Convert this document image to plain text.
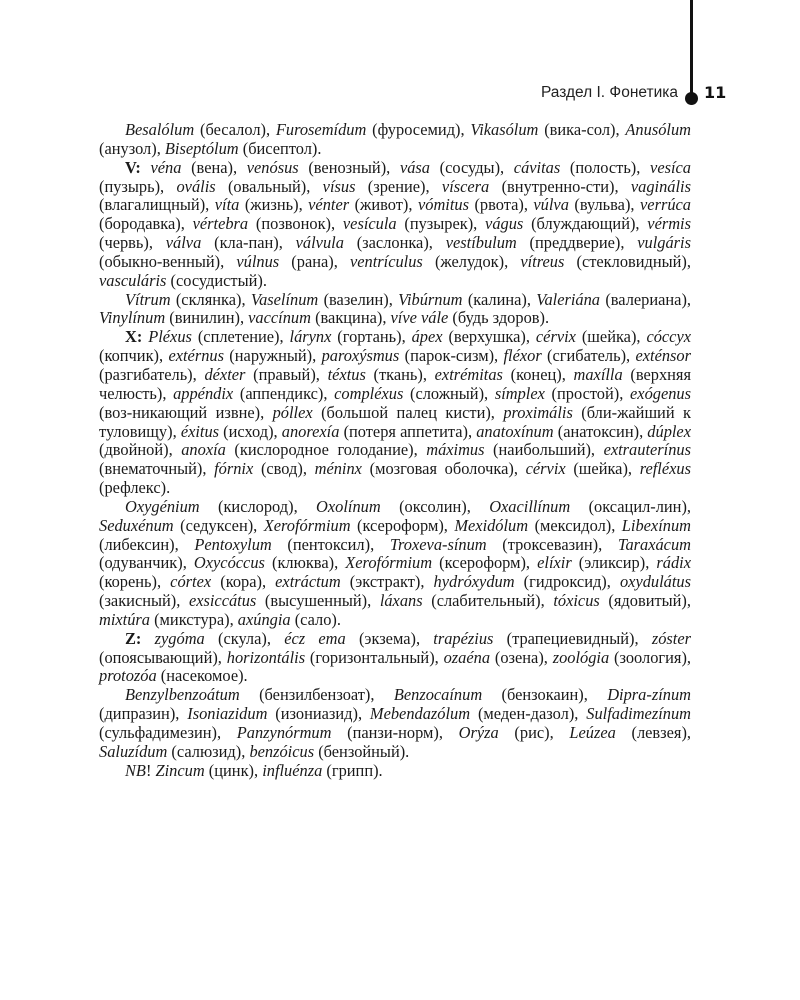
Раздел I. Фонетика 11

Besalólum (бесалол), Furosemídum (фуросемид), Vikasólum (вика-сол), Anusólum (анузол), Biseptólum (бисептол).

V: véna (вена), venósus (венозный), vása (сосуды), cávitas (полость), vesíca (пузырь), ovális (овальный), vísus (зрение), víscera (внутренно-сти), vaginális (влагалищный), víta (жизнь), vénter (живот), vómitus (рвота), vúlva (вульва), verrúca (бородавка), vértebra (позвонок), vesícula (пузырек), vágus (блуждающий), vérmis (червь), válva (кла-пан), válvula (заслонка), vestíbulum (преддверие), vulgáris (обыкно-венный), vúlnus (рана), ventrículus (желудок), vítreus (стекловидный), vasculáris (сосудистый).

Vítrum (склянка), Vaselínum (вазелин), Vibúrnum (калина), Valeriána (валериана), Vinylínum (винилин), vaccínum (вакцина), víve vále (будь здоров).

X: Pléxus (сплетение), lárynx (гортань), ápex (верхушка), cérvix (шейка), cóccyx (копчик), extérnus (наружный), paroxýsmus (парок-сизм), fléxor (сгибатель), exténsor (разгибатель), déxter (правый), téxtus (ткань), extrémitas (конец), maxílla (верхняя челюсть), appéndix (аппендикс), compléxus (сложный), símplex (простой), exógenus (воз-никающий извне), póllex (большой палец кисти), proximális (бли-жайший к туловищу), éxitus (исход), anorexía (потеря аппетита), anatoxínum (анатоксин), dúplex (двойной), anoxía (кислородное голодание), máximus (наибольший), extrauterínus (внематочный), fórnix (свод), méninx (мозговая оболочка), cérvix (шейка), refléxus (рефлекс).

Oxygénium (кислород), Oxolínum (оксолин), Oxacillínum (оксацил-лин), Seduxénum (седуксен), Xerofórmium (ксероформ), Mexidólum (мексидол), Libexínum (либексин), Pentoxylum (пентоксил), Troxeva-sínum (троксевазин), Taraxácum (одуванчик), Oxycóccus (клюква), Xerofórmium (ксероформ), elíxir (эликсир), rádix (корень), córtex (кора), extráctum (экстракт), hydróxydum (гидроксид), oxydulátus (закисный), exsiccátus (высушенный), láxans (слабительный), tóxicus (ядовитый), mixtúra (микстура), axúngia (сало).

Z: zygóma (скула), écz ema (экзема), trapézius (трапециевидный), zóster (опоясывающий), horizontális (горизонтальный), ozaéna (озена), zoológia (зоология), protozóa (насекомое).

Benzylbenzoátum (бензилбензоат), Benzocaínum (бензокаин), Dipra-zínum (дипразин), Isoniazidum (изониазид), Mebendazólum (меден-дазол), Sulfadimezínum (сульфадимезин), Panzynórmum (панзи-норм), Orýza (рис), Leúzea (левзея), Saluzídum (салюзид), benzóicus (бензойный).

NB! Zincum (цинк), influénza (грипп).
